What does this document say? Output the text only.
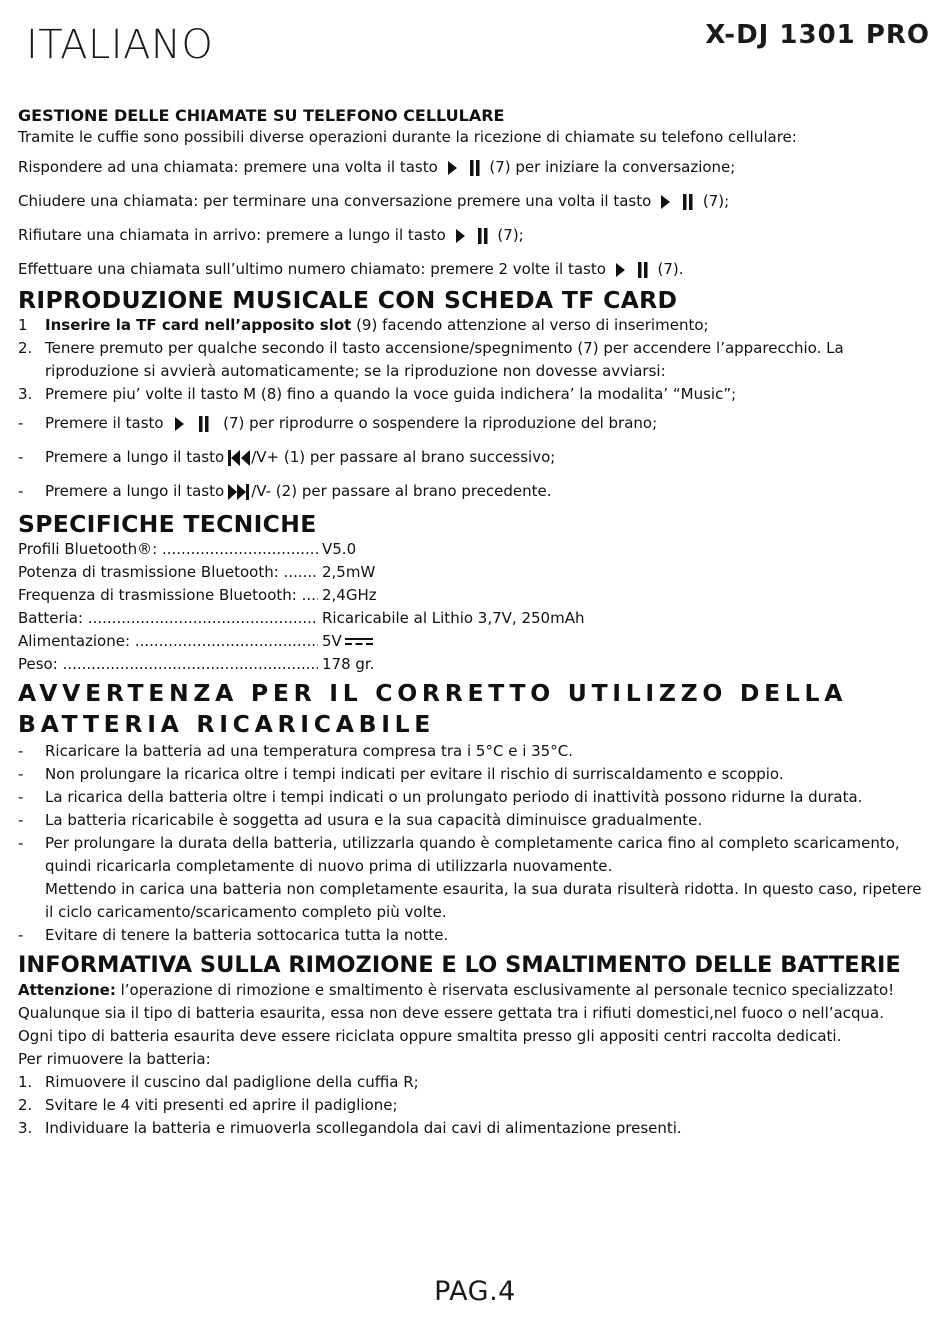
ITALIANO	X-DJ 1301 PRO
GESTIONE DELLE CHIAMATE SU TELEFONO CELLULARE
Tramite le cuffie sono possibili diverse operazioni durante la ricezione di chiamate su telefono cellulare:
Rispondere ad una chiamata: premere una volta il tasto	(7) per iniziare la conversazione;
Chiudere una chiamata: per terminare una conversazione premere una volta il tasto	(7);
Rifiutare una chiamata in arrivo: premere a lungo il tasto	(7);
Effettuare una chiamata sull’ultimo numero chiamato: premere 2 volte il tasto	(7).
RIPRODUZIONE MUSICALE CON SCHEDA TF CARD
1 Inserire la TF card nell’apposito slot (9) facendo attenzione al verso di inserimento;
2. Tenere premuto per qualche secondo il tasto accensione/spegnimento (7) per accendere l’apparecchio. La riproduzione si avvierà automaticamente; se la riproduzione non dovesse avviarsi:
3. Premere piu’ volte il tasto M (8) fino a quando la voce guida indichera’ la modalita’ “Music”;
- Premere il tasto	(7) per riprodurre o sospendere la riproduzione del brano;
- Premere a lungo il tasto /V+ (1) per passare al brano successivo;
- Premere a lungo il tasto /V- (2) per passare al brano precedente.
SPECIFICHE TECNICHE
Profili Bluetooth®: .....	V5.0
Potenza di trasmissione Bluetooth: .....	2,5mW
Frequenza di trasmissione Bluetooth: .....	2,4GHz
Batteria: .....	Ricaricabile al Lithio 3,7V, 250mAh
Alimentazione: .....	5V
Peso: .....	178 gr.
AVVERTENZA PER IL CORRETTO UTILIZZO DELLA BATTERIA RICARICABILE
- Ricaricare la batteria ad una temperatura compresa tra i 5°C e i 35°C.
- Non prolungare la ricarica oltre i tempi indicati per evitare il rischio di surriscaldamento e scoppio.
- La ricarica della batteria oltre i tempi indicati o un prolungato periodo di inattività possono ridurne la durata.
- La batteria ricaricabile è soggetta ad usura e la sua capacità diminuisce gradualmente.
- Per prolungare la durata della batteria, utilizzarla quando è completamente carica fino al completo scaricamento, quindi ricaricarla completamente di nuovo prima di utilizzarla nuovamente.
Mettendo in carica una batteria non completamente esaurita, la sua durata risulterà ridotta. In questo caso, ripetere il ciclo caricamento/scaricamento completo più volte.
- Evitare di tenere la batteria sottocarica tutta la notte.
INFORMATIVA SULLA RIMOZIONE E LO SMALTIMENTO DELLE BATTERIE
Attenzione: l’operazione di rimozione e smaltimento è riservata esclusivamente al personale tecnico specializzato!
Qualunque sia il tipo di batteria esaurita, essa non deve essere gettata tra i rifiuti domestici,nel fuoco o nell’acqua.
Ogni tipo di batteria esaurita deve essere riciclata oppure smaltita presso gli appositi centri raccolta dedicati.
Per rimuovere la batteria:
1. Rimuovere il cuscino dal padiglione della cuffia R;
2. Svitare le 4 viti presenti ed aprire il padiglione;
3. Individuare la batteria e rimuoverla scollegandola dai cavi di alimentazione presenti.
PAG.4
